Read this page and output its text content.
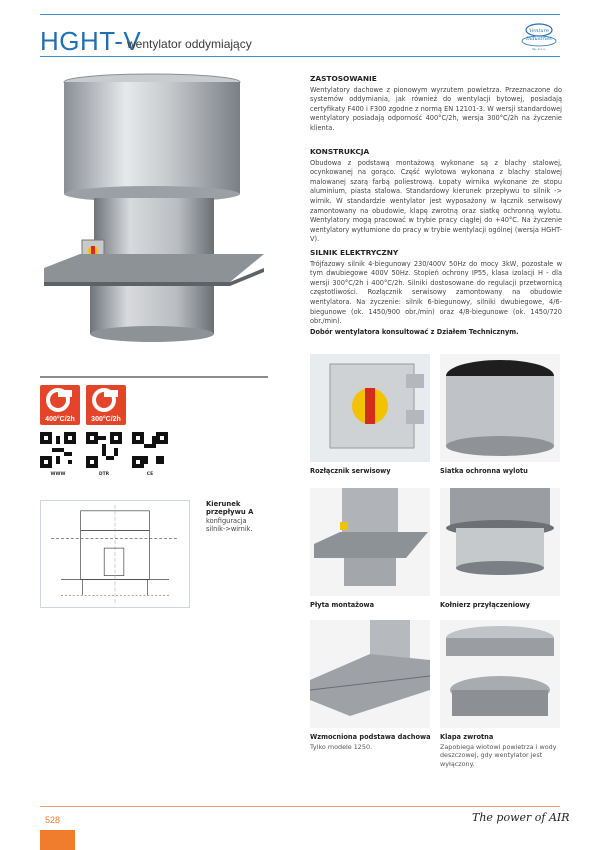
HGHT-V
wentylator oddymiający
Venture
Industries
Sp. z o.o.
ZASTOSOWANIE
Wentylatory dachowe z pionowym wyrzutem powietrza. Przeznaczone do systemów oddymiania, jak również do wentylacji bytowej, posiadają certyfikaty F400 i F300 zgodne z normą EN 12101-3. W wersji standardowej wentylatory posiadają odporność 400°C/2h, wersja 300°C/2h na życzenie klienta.
KONSTRUKCJA
Obudowa z podstawą montażową wykonane są z blachy stalowej, ocynkowanej na gorąco. Część wylotowa wykonana z blachy stalowej malowanej szarą farbą poliestrową. Łopaty wirnika wykonane ze stopu aluminium, piasta stalowa. Standardowy kierunek przepływu to silnik -> wirnik. W standardzie wentylator jest wyposażony w łącznik serwisowy zamontowany na obudowie, klapę zwrotną oraz siatkę ochronną wylotu. Wentylatory mogą pracować w trybie pracy ciągłej do +40°C. Na życzenie wentylatory wytłumione do pracy w trybie wentylacji ogólnej (wersja HGHT-V).
SILNIK ELEKTRYCZNY
Trójfazowy silnik 4-biegunowy 230/400V 50Hz do mocy 3kW, pozostałe w tym dwubiegowe 400V 50Hz. Stopień ochrony IP55, klasa izolacji H - dla wersji 300°C/2h i 400°C/2h. Silniki dostosowane do regulacji przetwornicą częstotliwości. Rozłącznik serwisowy zamontowany na obudowie wentylatora. Na życzenie: silnik 6-biegunowy, silniki dwubiegowe, 4/6-biegunowe (ok. 1450/900 obr./min) oraz 4/8-biegunowe (ok. 1450/720 obr./min).
Dobór wentylatora konsultować z Działem Technicznym.
400°C/2h	300°C/2h
WWW	DTR	CE
Kierunek przepływu A
konfiguracja silnik->wirnik.
Rozłącznik serwisowy	Siatka ochronna wylotu
Płyta montażowa	Kołnierz przyłączeniowy
Wzmocniona podstawa dachowa
Tylko modele 1250.
Klapa zwrotna
Zapobiega wlotowi powietrza i wody deszczowej, gdy wentylator jest wyłączony.
528	The power of AIR
